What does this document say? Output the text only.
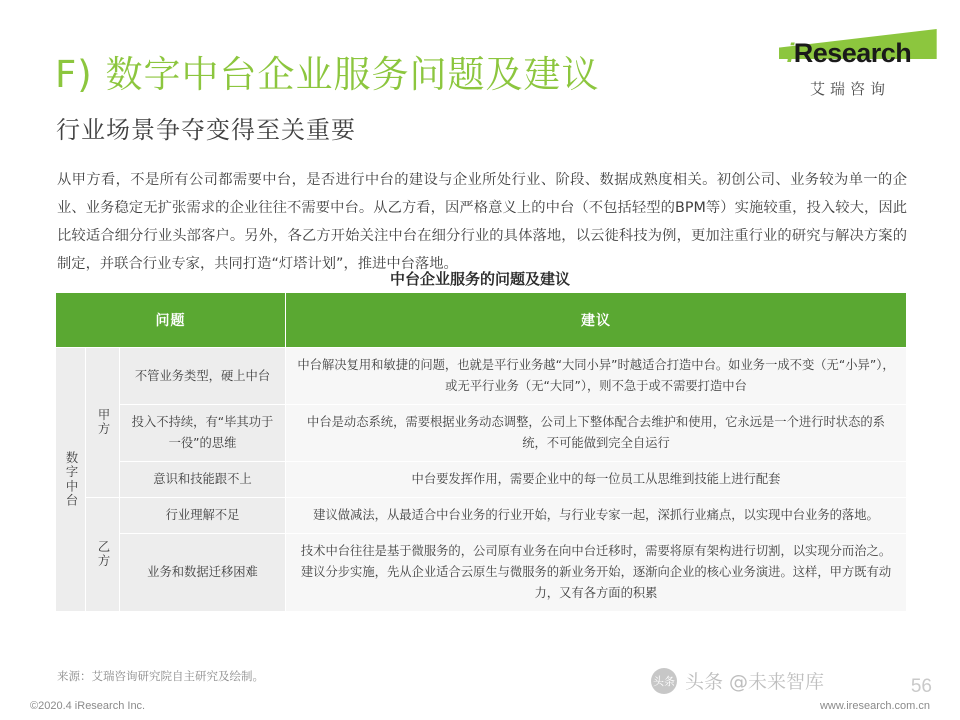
iResearch
艾瑞咨询
F) 数字中台企业服务问题及建议
行业场景争夺变得至关重要
从甲方看，不是所有公司都需要中台，是否进行中台的建设与企业所处行业、阶段、数据成熟度相关。初创公司、业务较为单一的企业、业务稳定无扩张需求的企业往往不需要中台。从乙方看，因严格意义上的中台（不包括轻型的BPM等）实施较重，投入较大，因此比较适合细分行业头部客户。另外，各乙方开始关注中台在细分行业的具体落地，以云徙科技为例，更加注重行业的研究与解决方案的制定，并联合行业专家，共同打造“灯塔计划”，推进中台落地。
中台企业服务的问题及建议
问题			建议
数字中台	甲方	不管业务类型，硬上中台	中台解决复用和敏捷的问题，也就是平行业务越“大同小异”时越适合打造中台。如业务一成不变（无“小异”），或无平行业务（无“大同”），则不急于或不需要打造中台
		投入不持续，有“毕其功于一役”的思维	中台是动态系统，需要根据业务动态调整，公司上下整体配合去维护和使用，它永远是一个进行时状态的系统，不可能做到完全自运行
		意识和技能跟不上	中台要发挥作用，需要企业中的每一位员工从思维到技能上进行配套
	乙方	行业理解不足	建议做减法，从最适合中台业务的行业开始，与行业专家一起，深抓行业痛点，以实现中台业务的落地。
		业务和数据迁移困难	技术中台往往是基于微服务的，公司原有业务在向中台迁移时，需要将原有架构进行切割，以实现分而治之。建议分步实施，先从企业适合云原生与微服务的新业务开始，逐渐向企业的核心业务演进。这样，甲方既有动力，又有各方面的积累
来源：艾瑞咨询研究院自主研究及绘制。	头条 头条 @未来智库
©2020.4 iResearch Inc.	www.iresearch.com.cn
56
